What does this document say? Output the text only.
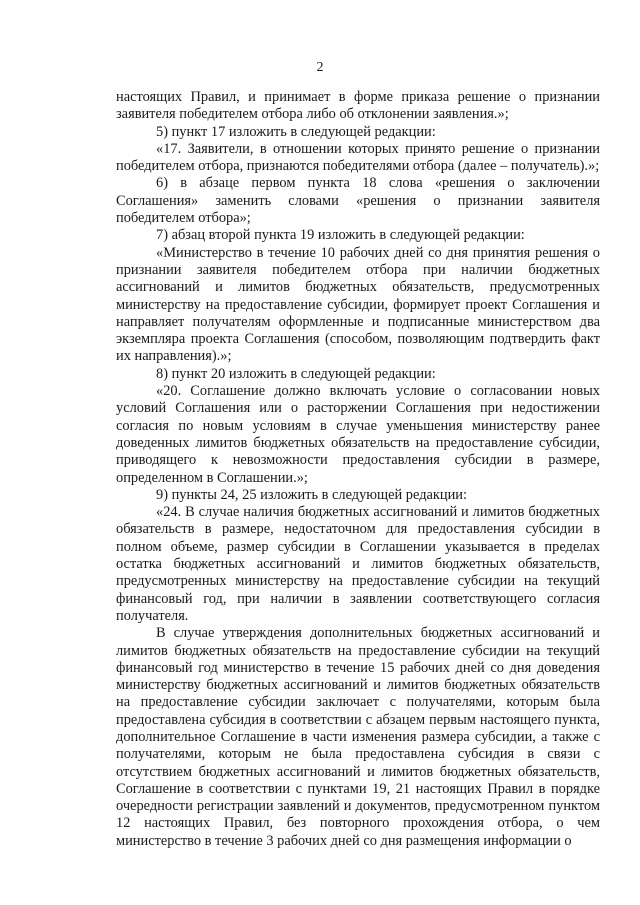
2

настоящих Правил, и принимает в форме приказа решение о признании заявителя победителем отбора либо об отклонении заявления.»;

5) пункт 17 изложить в следующей редакции:

«17. Заявители, в отношении которых принято решение о признании победителем отбора, признаются победителями отбора (далее – получатель).»;

6) в абзаце первом пункта 18 слова «решения о заключении Соглашения» заменить словами «решения о признании заявителя победителем отбора»;

7) абзац второй пункта 19 изложить в следующей редакции:

«Министерство в течение 10 рабочих дней со дня принятия решения о признании заявителя победителем отбора при наличии бюджетных ассигнований и лимитов бюджетных обязательств, предусмотренных министерству на предоставление субсидии, формирует проект Соглашения и направляет получателям оформленные и подписанные министерством два экземпляра проекта Соглашения (способом, позволяющим подтвердить факт их направления).»;

8) пункт 20 изложить в следующей редакции:

«20. Соглашение должно включать условие о согласовании новых условий Соглашения или о расторжении Соглашения при недостижении согласия по новым условиям в случае уменьшения министерству ранее доведенных лимитов бюджетных обязательств на предоставление субсидии, приводящего к невозможности предоставления субсидии в размере, определенном в Соглашении.»;

9) пункты 24, 25 изложить в следующей редакции:

«24. В случае наличия бюджетных ассигнований и лимитов бюджетных обязательств в размере, недостаточном для предоставления субсидии в полном объеме, размер субсидии в Соглашении указывается в пределах остатка бюджетных ассигнований и лимитов бюджетных обязательств, предусмотренных министерству на предоставление субсидии на текущий финансовый год, при наличии в заявлении соответствующего согласия получателя.

В случае утверждения дополнительных бюджетных ассигнований и лимитов бюджетных обязательств на предоставление субсидии на текущий финансовый год министерство в течение 15 рабочих дней со дня доведения министерству бюджетных ассигнований и лимитов бюджетных обязательств на предоставление субсидии заключает с получателями, которым была предоставлена субсидия в соответствии с абзацем первым настоящего пункта, дополнительное Соглашение в части изменения размера субсидии, а также с получателями, которым не была предоставлена субсидия в связи с отсутствием бюджетных ассигнований и лимитов бюджетных обязательств, Соглашение в соответствии с пунктами 19, 21 настоящих Правил в порядке очередности регистрации заявлений и документов, предусмотренном пунктом 12 настоящих Правил, без повторного прохождения отбора, о чем министерство в течение 3 рабочих дней со дня размещения информации о
